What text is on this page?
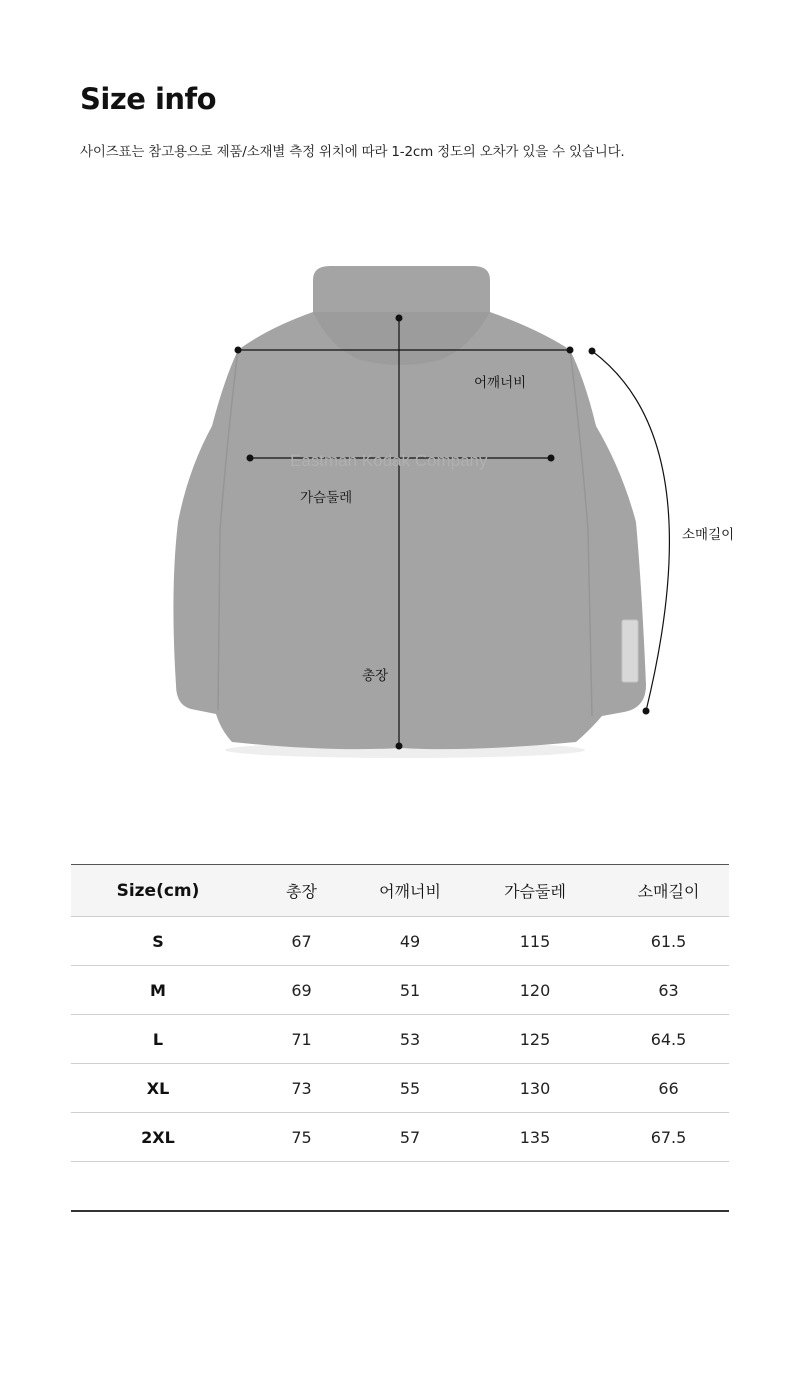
Size info
사이즈표는 참고용으로 제품/소재별 측정 위치에 따라 1-2cm 정도의 오차가 있을 수 있습니다.
Eastman Kodak Company
어깨너비
가슴둘레
소매길이
총장
Size(cm)	총장	어깨너비	가슴둘레	소매길이
S	67	49	115	61.5
M	69	51	120	63
L	71	53	125	64.5
XL	73	55	130	66
2XL	75	57	135	67.5
